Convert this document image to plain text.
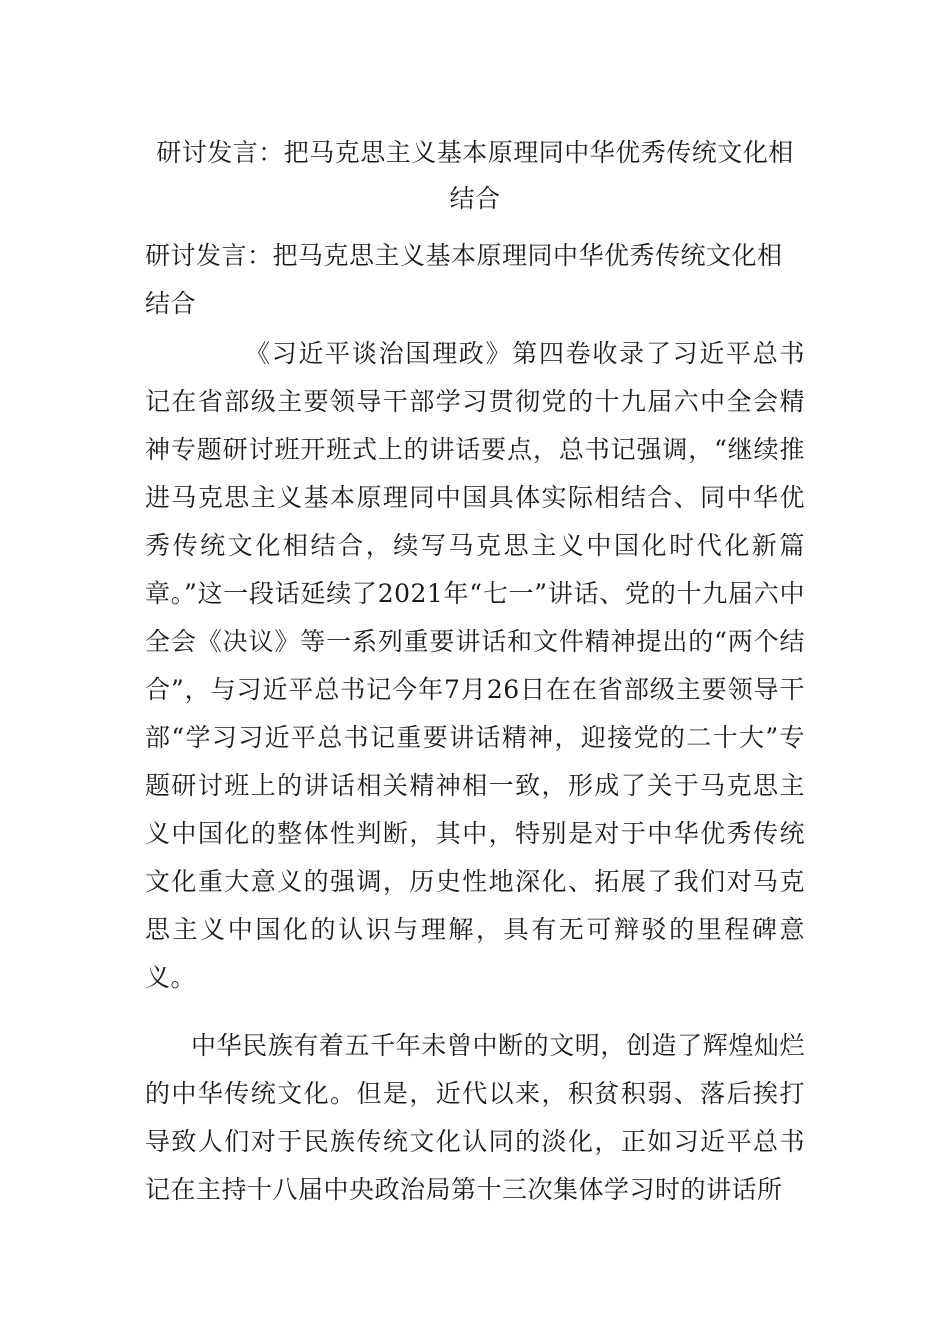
研讨发言：把马克思主义基本原理同中华优秀传统文化相结合
研讨发言：把马克思主义基本原理同中华优秀传统文化相结合
《习近平谈治国理政》第四卷收录了习近平总书记在省部级主要领导干部学习贯彻党的十九届六中全会精神专题研讨班开班式上的讲话要点，总书记强调，“继续推进马克思主义基本原理同中国具体实际相结合、同中华优秀传统文化相结合，续写马克思主义中国化时代化新篇章。”这一段话延续了2021年“七一”讲话、党的十九届六中全会《决议》等一系列重要讲话和文件精神提出的“两个结合”，与习近平总书记今年7月26日在在省部级主要领导干部“学习习近平总书记重要讲话精神，迎接党的二十大”专题研讨班上的讲话相关精神相一致，形成了关于马克思主义中国化的整体性判断，其中，特别是对于中华优秀传统文化重大意义的强调，历史性地深化、拓展了我们对马克思主义中国化的认识与理解，具有无可辩驳的里程碑意义。
中华民族有着五千年未曾中断的文明，创造了辉煌灿烂的中华传统文化。但是，近代以来，积贫积弱、落后挨打导致人们对于民族传统文化认同的淡化，正如习近平总书记在主持十八届中央政治局第十三次集体学习时的讲话所
